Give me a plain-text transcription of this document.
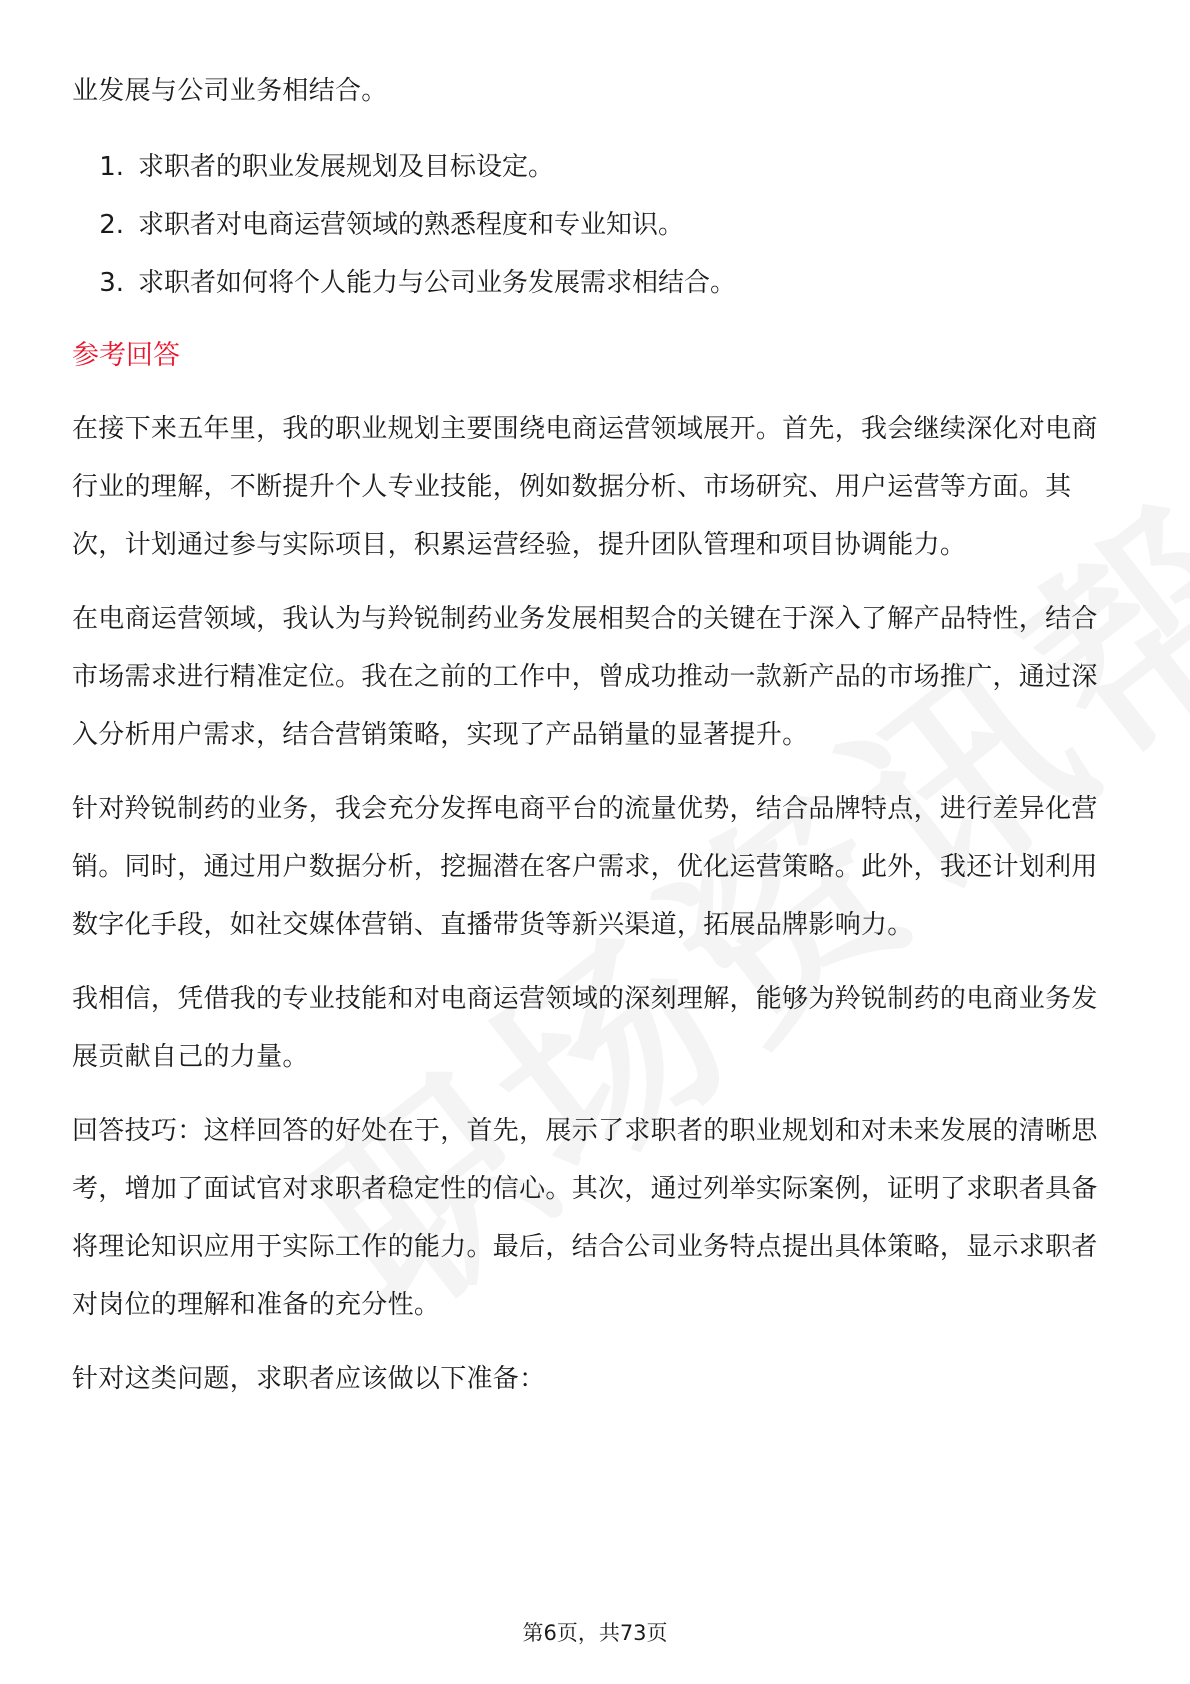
业发展与公司业务相结合。

1. 求职者的职业发展规划及目标设定。
2. 求职者对电商运营领域的熟悉程度和专业知识。
3. 求职者如何将个人能力与公司业务发展需求相结合。
参考回答

在接下来五年里，我的职业规划主要围绕电商运营领域展开。首先，我会继续深化对电商行业的理解，不断提升个人专业技能，例如数据分析、市场研究、用户运营等方面。其次，计划通过参与实际项目，积累运营经验，提升团队管理和项目协调能力。

在电商运营领域，我认为与羚锐制药业务发展相契合的关键在于深入了解产品特性，结合市场需求进行精准定位。我在之前的工作中，曾成功推动一款新产品的市场推广，通过深入分析用户需求，结合营销策略，实现了产品销量的显著提升。

针对羚锐制药的业务，我会充分发挥电商平台的流量优势，结合品牌特点，进行差异化营销。同时，通过用户数据分析，挖掘潜在客户需求，优化运营策略。此外，我还计划利用数字化手段，如社交媒体营销、直播带货等新兴渠道，拓展品牌影响力。

我相信，凭借我的专业技能和对电商运营领域的深刻理解，能够为羚锐制药的电商业务发展贡献自己的力量。

回答技巧：这样回答的好处在于，首先，展示了求职者的职业规划和对未来发展的清晰思考，增加了面试官对求职者稳定性的信心。其次，通过列举实际案例，证明了求职者具备将理论知识应用于实际工作的能力。最后，结合公司业务特点提出具体策略，显示求职者对岗位的理解和准备的充分性。

针对这类问题，求职者应该做以下准备：

第6页，共73页
